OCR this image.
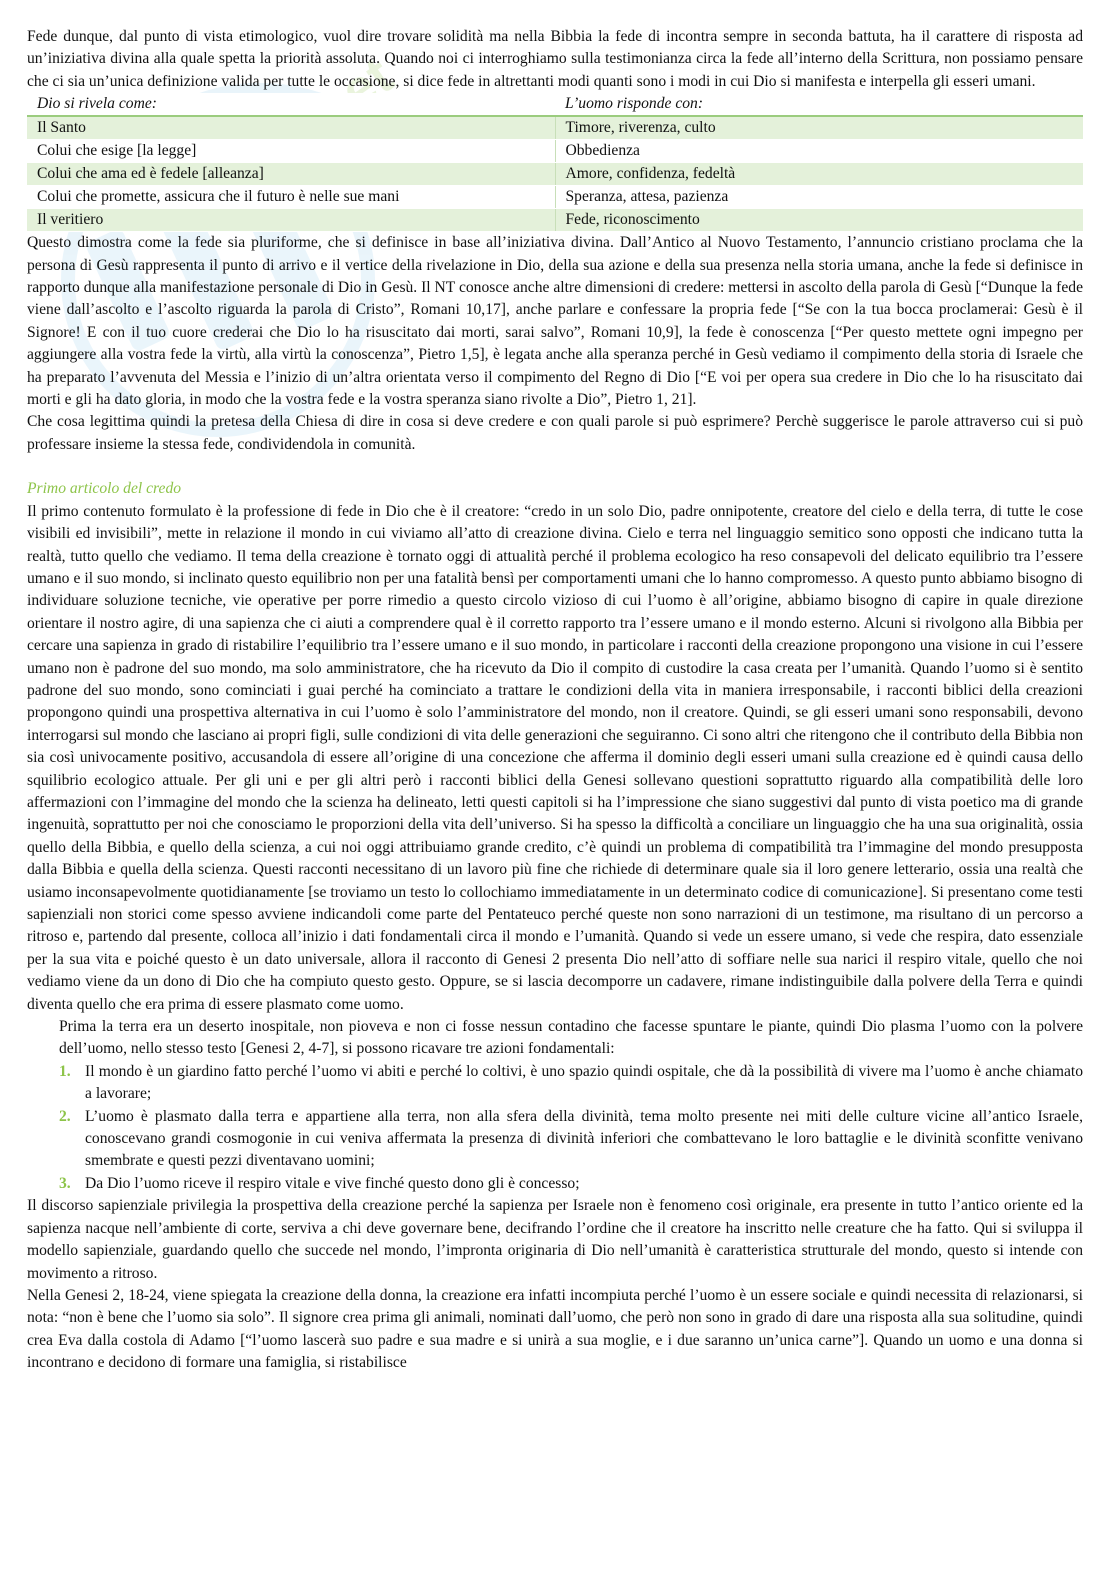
Fede dunque, dal punto di vista etimologico, vuol dire trovare solidità ma nella Bibbia la fede di incontra sempre in seconda battuta, ha il carattere di risposta ad un’iniziativa divina alla quale spetta la priorità assoluta. Quando noi ci interroghiamo sulla testimonianza circa la fede all’interno della Scrittura, non possiamo pensare che ci sia un’unica definizione valida per tutte le occasione, si dice fede in altrettanti modi quanti sono i modi in cui Dio si manifesta e interpella gli esseri umani.

Dio si rivela come:	L’uomo risponde con:
Il Santo	Timore, riverenza, culto
Colui che esige [la legge]	Obbedienza
Colui che ama ed è fedele [alleanza]	Amore, confidenza, fedeltà
Colui che promette, assicura che il futuro è nelle sue mani	Speranza, attesa, pazienza
Il veritiero	Fede, riconoscimento

Questo dimostra come la fede sia pluriforme, che si definisce in base all’iniziativa divina. Dall’Antico al Nuovo Testamento, l’annuncio cristiano proclama che la persona di Gesù rappresenta il punto di arrivo e il vertice della rivelazione in Dio, della sua azione e della sua presenza nella storia umana, anche la fede si definisce in rapporto dunque alla manifestazione personale di Dio in Gesù. Il NT conosce anche altre dimensioni di credere: mettersi in ascolto della parola di Gesù [“Dunque la fede viene dall’ascolto e l’ascolto riguarda la parola di Cristo”, Romani 10,17], anche parlare e confessare la propria fede [“Se con la tua bocca proclamerai: Gesù è il Signore! E con il tuo cuore crederai che Dio lo ha risuscitato dai morti, sarai salvo”, Romani 10,9], la fede è conoscenza [“Per questo mettete ogni impegno per aggiungere alla vostra fede la virtù, alla virtù la conoscenza”, Pietro 1,5], è legata anche alla speranza perché in Gesù vediamo il compimento della storia di Israele che ha preparato l’avvenuta del Messia e l’inizio di un’altra orientata verso il compimento del Regno di Dio [“E voi per opera sua credere in Dio che lo ha risuscitato dai morti e gli ha dato gloria, in modo che la vostra fede e la vostra speranza siano rivolte a Dio”, Pietro 1, 21].

Che cosa legittima quindi la pretesa della Chiesa di dire in cosa si deve credere e con quali parole si può esprimere? Perchè suggerisce le parole attraverso cui si può professare insieme la stessa fede, condividendola in comunità.

Primo articolo del credo

Il primo contenuto formulato è la professione di fede in Dio che è il creatore: “credo in un solo Dio, padre onnipotente, creatore del cielo e della terra, di tutte le cose visibili ed invisibili”, mette in relazione il mondo in cui viviamo all’atto di creazione divina. Cielo e terra nel linguaggio semitico sono opposti che indicano tutta la realtà, tutto quello che vediamo. Il tema della creazione è tornato oggi di attualità perché il problema ecologico ha reso consapevoli del delicato equilibrio tra l’essere umano e il suo mondo, si inclinato questo equilibrio non per una fatalità bensì per comportamenti umani che lo hanno compromesso. A questo punto abbiamo bisogno di individuare soluzione tecniche, vie operative per porre rimedio a questo circolo vizioso di cui l’uomo è all’origine, abbiamo bisogno di capire in quale direzione orientare il nostro agire, di una sapienza che ci aiuti a comprendere qual è il corretto rapporto tra l’essere umano e il mondo esterno. Alcuni si rivolgono alla Bibbia per cercare una sapienza in grado di ristabilire l’equilibrio tra l’essere umano e il suo mondo, in particolare i racconti della creazione propongono una visione in cui l’essere umano non è padrone del suo mondo, ma solo amministratore, che ha ricevuto da Dio il compito di custodire la casa creata per l’umanità. Quando l’uomo si è sentito padrone del suo mondo, sono cominciati i guai perché ha cominciato a trattare le condizioni della vita in maniera irresponsabile, i racconti biblici della creazioni propongono quindi una prospettiva alternativa in cui l’uomo è solo l’amministratore del mondo, non il creatore. Quindi, se gli esseri umani sono responsabili, devono interrogarsi sul mondo che lasciano ai propri figli, sulle condizioni di vita delle generazioni che seguiranno. Ci sono altri che ritengono che il contributo della Bibbia non sia così univocamente positivo, accusandola di essere all’origine di una concezione che afferma il dominio degli esseri umani sulla creazione ed è quindi causa dello squilibrio ecologico attuale. Per gli uni e per gli altri però i racconti biblici della Genesi sollevano questioni soprattutto riguardo alla compatibilità delle loro affermazioni con l’immagine del mondo che la scienza ha delineato, letti questi capitoli si ha l’impressione che siano suggestivi dal punto di vista poetico ma di grande ingenuità, soprattutto per noi che conosciamo le proporzioni della vita dell’universo. Si ha spesso la difficoltà a conciliare un linguaggio che ha una sua originalità, ossia quello della Bibbia, e quello della scienza, a cui noi oggi attribuiamo grande credito, c’è quindi un problema di compatibilità tra l’immagine del mondo presupposta dalla Bibbia e quella della scienza. Questi racconti necessitano di un lavoro più fine che richiede di determinare quale sia il loro genere letterario, ossia una realtà che usiamo inconsapevolmente quotidianamente [se troviamo un testo lo collochiamo immediatamente in un determinato codice di comunicazione]. Si presentano come testi sapienziali non storici come spesso avviene indicandoli come parte del Pentateuco perché queste non sono narrazioni di un testimone, ma risultano di un percorso a ritroso e, partendo dal presente, colloca all’inizio i dati fondamentali circa il mondo e l’umanità. Quando si vede un essere umano, si vede che respira, dato essenziale per la sua vita e poiché questo è un dato universale, allora il racconto di Genesi 2 presenta Dio nell’atto di soffiare nelle sua narici il respiro vitale, quello che noi vediamo viene da un dono di Dio che ha compiuto questo gesto. Oppure, se si lascia decomporre un cadavere, rimane indistinguibile dalla polvere della Terra e quindi diventa quello che era prima di essere plasmato come uomo.

Prima la terra era un deserto inospitale, non pioveva e non ci fosse nessun contadino che facesse spuntare le piante, quindi Dio plasma l’uomo con la polvere dell’uomo, nello stesso testo [Genesi 2, 4-7], si possono ricavare tre azioni fondamentali:

1. Il mondo è un giardino fatto perché l’uomo vi abiti e perché lo coltivi, è uno spazio quindi ospitale, che dà la possibilità di vivere ma l’uomo è anche chiamato a lavorare;
2. L’uomo è plasmato dalla terra e appartiene alla terra, non alla sfera della divinità, tema molto presente nei miti delle culture vicine all’antico Israele, conoscevano grandi cosmogonie in cui veniva affermata la presenza di divinità inferiori che combattevano le loro battaglie e le divinità sconfitte venivano smembrate e questi pezzi diventavano uomini;
3. Da Dio l’uomo riceve il respiro vitale e vive finché questo dono gli è concesso;

Il discorso sapienziale privilegia la prospettiva della creazione perché la sapienza per Israele non è fenomeno così originale, era presente in tutto l’antico oriente ed la sapienza nacque nell’ambiente di corte, serviva a chi deve governare bene, decifrando l’ordine che il creatore ha inscritto nelle creature che ha fatto. Qui si sviluppa il modello sapienziale, guardando quello che succede nel mondo, l’impronta originaria di Dio nell’umanità è caratteristica strutturale del mondo, questo si intende con movimento a ritroso.

Nella Genesi 2, 18-24, viene spiegata la creazione della donna, la creazione era infatti incompiuta perché l’uomo è un essere sociale e quindi necessita di relazionarsi, si nota: “non è bene che l’uomo sia solo”. Il signore crea prima gli animali, nominati dall’uomo, che però non sono in grado di dare una risposta alla sua solitudine, quindi crea Eva dalla costola di Adamo [“l’uomo lascerà suo padre e sua madre e si unirà a sua moglie, e i due saranno un’unica carne”]. Quando un uomo e una donna si incontrano e decidono di formare una famiglia, si ristabilisce
